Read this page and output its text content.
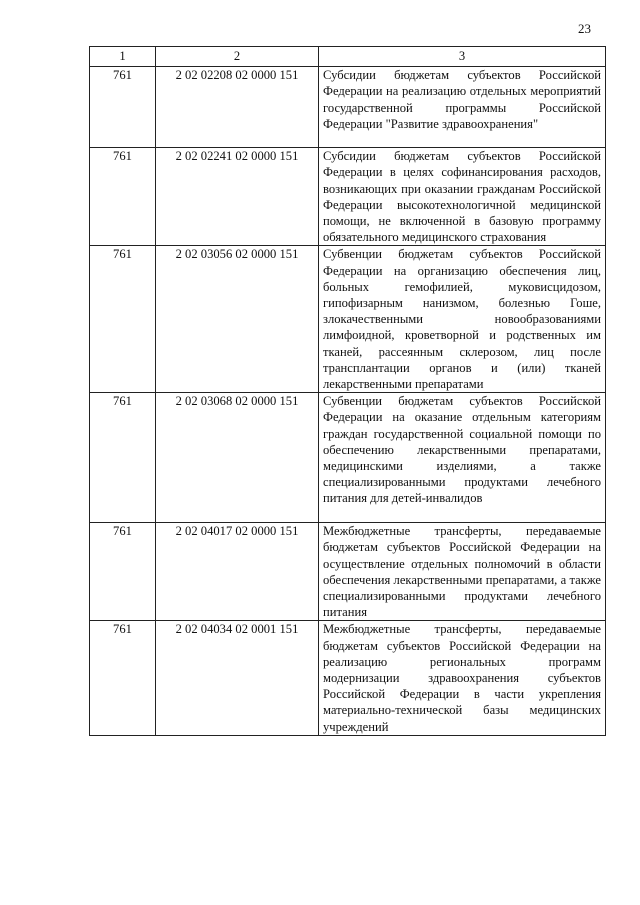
23
1	2	3
761	2 02 02208 02 0000 151	Субсидии бюджетам субъектов Российской Федерации на реализацию отдельных мероприятий государственной программы Российской Федерации "Развитие здравоохранения"
761	2 02 02241 02 0000 151	Субсидии бюджетам субъектов Российской Федерации в целях софинансирования расходов, возникающих при оказании гражданам Российской Федерации высокотехнологичной медицинской помощи, не включенной в базовую программу обязательного медицинского страхования
761	2 02 03056 02 0000 151	Субвенции бюджетам субъектов Российской Федерации на организацию обеспечения лиц, больных гемофилией, муковисцидозом, гипофизарным нанизмом, болезнью Гоше, злокачественными новообразованиями лимфоидной, кроветворной и родственных им тканей, рассеянным склерозом, лиц после трансплантации органов и (или) тканей лекарственными препаратами
761	2 02 03068 02 0000 151	Субвенции бюджетам субъектов Российской Федерации на оказание отдельным категориям граждан государственной социальной помощи по обеспечению лекарственными препаратами, медицинскими изделиями, а также специализированными продуктами лечебного питания для детей-инвалидов
761	2 02 04017 02 0000 151	Межбюджетные трансферты, передаваемые бюджетам субъектов Российской Федерации на осуществление отдельных полномочий в области обеспечения лекарственными препаратами, а также специализированными продуктами лечебного питания
761	2 02 04034 02 0001 151	Межбюджетные трансферты, передаваемые бюджетам субъектов Российской Федерации на реализацию региональных программ модернизации здравоохранения субъектов Российской Федерации в части укрепления материально-технической базы медицинских учреждений
